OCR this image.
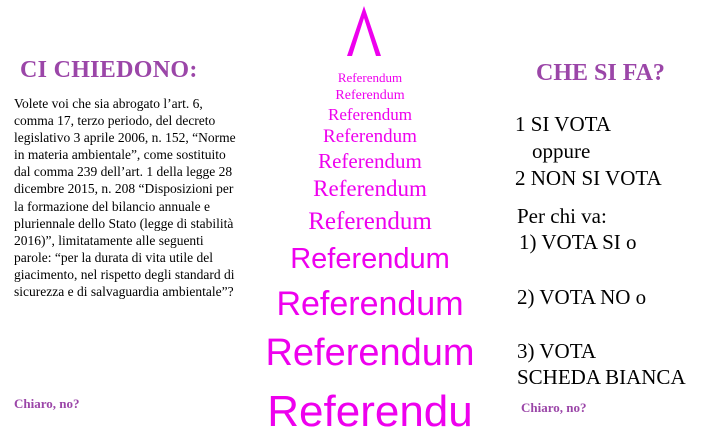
CI CHIEDONO:
Volete voi che sia abrogato l’art. 6, comma 17, terzo periodo, del decreto legislativo 3 aprile 2006, n. 152, “Norme in materia ambientale”, come sostituito dal comma 239 dell’art. 1 della legge 28 dicembre 2015, n. 208 “Disposizioni per la formazione del bilancio annuale e pluriennale dello Stato (legge di stabilità 2016)”, limitatamente alle seguenti parole: “per la durata di vita utile del giacimento, nel rispetto degli standard di sicurezza e di salvaguardia ambientale”?
Chiaro, no?
Referendum
Referendum
Referendum
Referendum
Referendum
Referendum
Referendum
Referendum
Referendum
Referendum
Referendu
CHE SI FA?
1 SI VOTA
oppure
2 NON SI VOTA
Per chi va:
1) VOTA SI o
2) VOTA NO o
3) VOTA
SCHEDA BIANCA
Chiaro, no?
